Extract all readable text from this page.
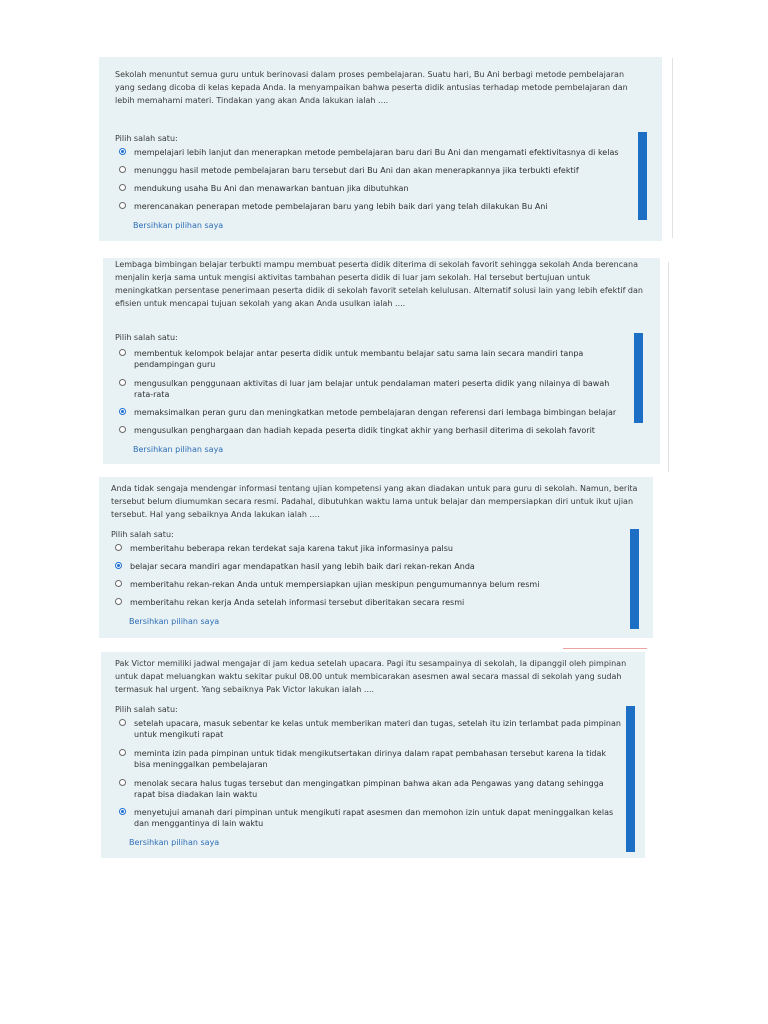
Sekolah menuntut semua guru untuk berinovasi dalam proses pembelajaran. Suatu hari, Bu Ani berbagi metode pembelajaran yang sedang dicoba di kelas kepada Anda. Ia menyampaikan bahwa peserta didik antusias terhadap metode pembelajaran dan lebih memahami materi. Tindakan yang akan Anda lakukan ialah ....
Pilih salah satu:
mempelajari lebih lanjut dan menerapkan metode pembelajaran baru dari Bu Ani dan mengamati efektivitasnya di kelas
menunggu hasil metode pembelajaran baru tersebut dari Bu Ani dan akan menerapkannya jika terbukti efektif
mendukung usaha Bu Ani dan menawarkan bantuan jika dibutuhkan
merencanakan penerapan metode pembelajaran baru yang lebih baik dari yang telah dilakukan Bu Ani
Bersihkan pilihan saya
Lembaga bimbingan belajar terbukti mampu membuat peserta didik diterima di sekolah favorit sehingga sekolah Anda berencana menjalin kerja sama untuk mengisi aktivitas tambahan peserta didik di luar jam sekolah. Hal tersebut bertujuan untuk meningkatkan persentase penerimaan peserta didik di sekolah favorit setelah kelulusan. Alternatif solusi lain yang lebih efektif dan efisien untuk mencapai tujuan sekolah yang akan Anda usulkan ialah ....
Pilih salah satu:
membentuk kelompok belajar antar peserta didik untuk membantu belajar satu sama lain secara mandiri tanpa pendampingan guru
mengusulkan penggunaan aktivitas di luar jam belajar untuk pendalaman materi peserta didik yang nilainya di bawah rata-rata
memaksimalkan peran guru dan meningkatkan metode pembelajaran dengan referensi dari lembaga bimbingan belajar
mengusulkan penghargaan dan hadiah kepada peserta didik tingkat akhir yang berhasil diterima di sekolah favorit
Bersihkan pilihan saya
Anda tidak sengaja mendengar informasi tentang ujian kompetensi yang akan diadakan untuk para guru di sekolah. Namun, berita tersebut belum diumumkan secara resmi. Padahal, dibutuhkan waktu lama untuk belajar dan mempersiapkan diri untuk ikut ujian tersebut. Hal yang sebaiknya Anda lakukan ialah ....
Pilih salah satu:
memberitahu beberapa rekan terdekat saja karena takut jika informasinya palsu
belajar secara mandiri agar mendapatkan hasil yang lebih baik dari rekan-rekan Anda
memberitahu rekan-rekan Anda untuk mempersiapkan ujian meskipun pengumumannya belum resmi
memberitahu rekan kerja Anda setelah informasi tersebut diberitakan secara resmi
Bersihkan pilihan saya
Pak Victor memiliki jadwal mengajar di jam kedua setelah upacara. Pagi itu sesampainya di sekolah, Ia dipanggil oleh pimpinan untuk dapat meluangkan waktu sekitar pukul 08.00 untuk membicarakan asesmen awal secara massal di sekolah yang sudah termasuk hal urgent. Yang sebaiknya Pak Victor lakukan ialah ....
Pilih salah satu:
setelah upacara, masuk sebentar ke kelas untuk memberikan materi dan tugas, setelah itu izin terlambat pada pimpinan untuk mengikuti rapat
meminta izin pada pimpinan untuk tidak mengikutsertakan dirinya dalam rapat pembahasan tersebut karena Ia tidak bisa meninggalkan pembelajaran
menolak secara halus tugas tersebut dan mengingatkan pimpinan bahwa akan ada Pengawas yang datang sehingga rapat bisa diadakan lain waktu
menyetujui amanah dari pimpinan untuk mengikuti rapat asesmen dan memohon izin untuk dapat meninggalkan kelas dan menggantinya di lain waktu
Bersihkan pilihan saya
